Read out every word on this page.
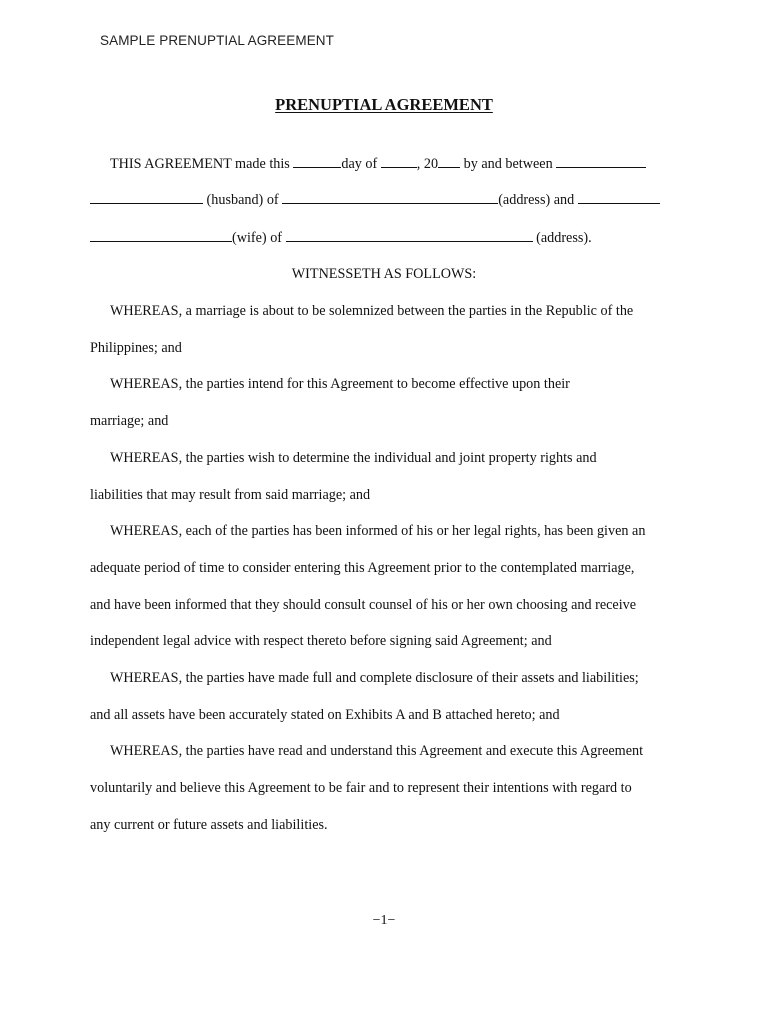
SAMPLE PRENUPTIAL AGREEMENT
PRENUPTIAL AGREEMENT
THIS AGREEMENT made this	day of	, 20 by and between
(husband) of	(address) and
(wife) of	(address).
WITNESSETH AS FOLLOWS:
WHEREAS, a marriage is about to be solemnized between the parties in the Republic of the
Philippines; and
WHEREAS, the parties intend for this Agreement to become effective upon their
marriage; and
WHEREAS, the parties wish to determine the individual and joint property rights and
liabilities that may result from said marriage; and
WHEREAS, each of the parties has been informed of his or her legal rights, has been given an
adequate period of time to consider entering this Agreement prior to the contemplated marriage,
and have been informed that they should consult counsel of his or her own choosing and receive
independent legal advice with respect thereto before signing said Agreement; and
WHEREAS, the parties have made full and complete disclosure of their assets and liabilities;
and all assets have been accurately stated on Exhibits A and B attached hereto; and
WHEREAS, the parties have read and understand this Agreement and execute this Agreement
voluntarily and believe this Agreement to be fair and to represent their intentions with regard to
any current or future assets and liabilities.
−1−
